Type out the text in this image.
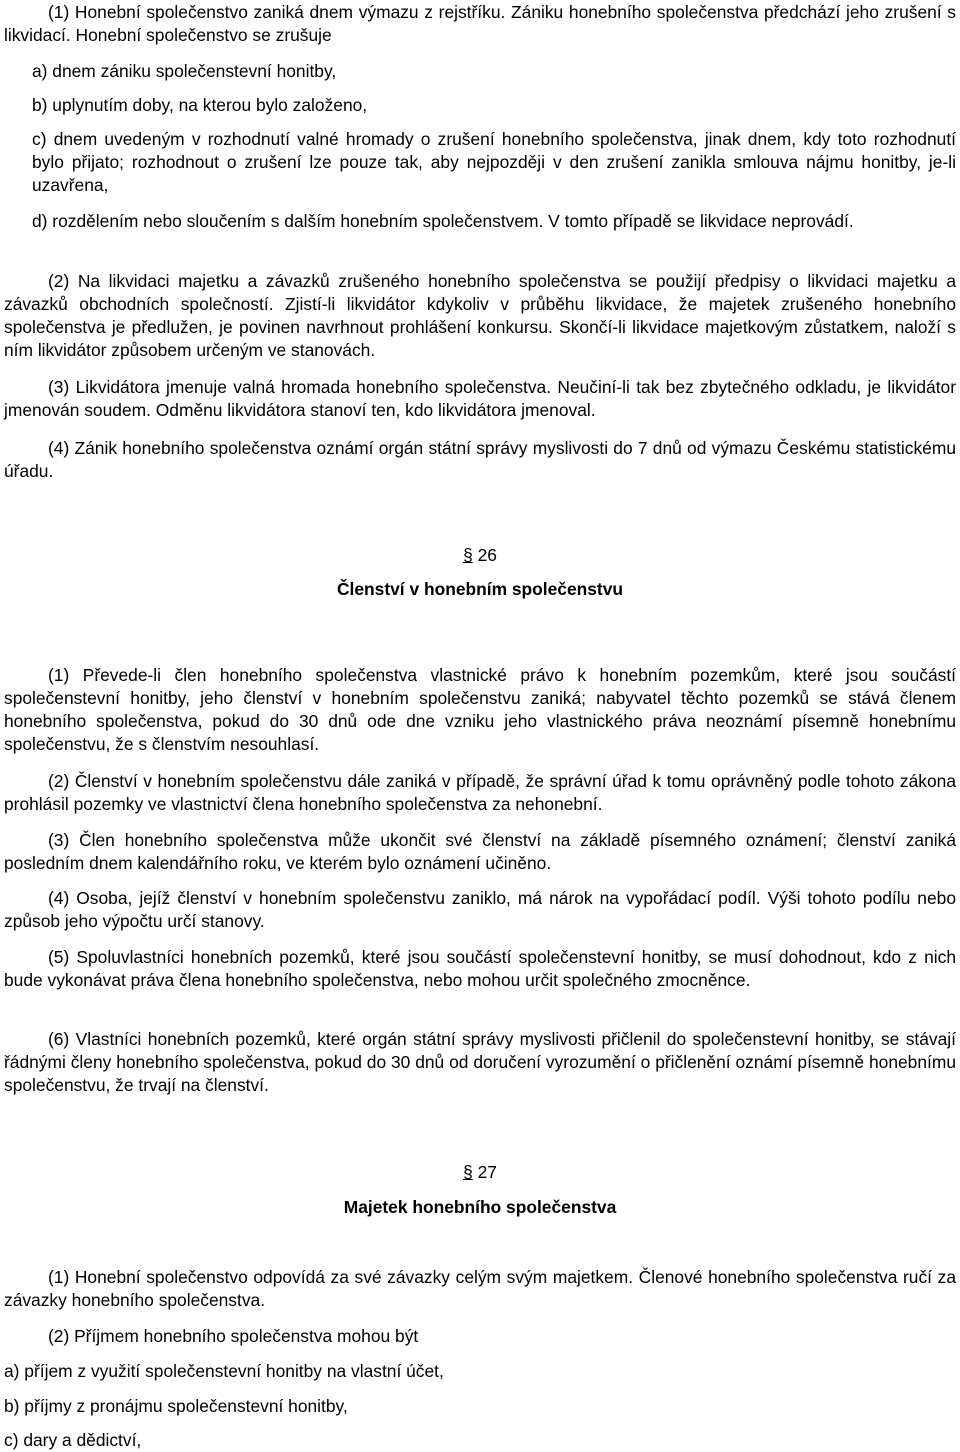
(1) Honební společenstvo zaniká dnem výmazu z rejstříku. Zániku honebního společenstva předchází jeho zrušení s likvidací. Honební společenstvo se zrušuje

a) dnem zániku společenstevní honitby,

b) uplynutím doby, na kterou bylo založeno,

c) dnem uvedeným v rozhodnutí valné hromady o zrušení honebního společenstva, jinak dnem, kdy toto rozhodnutí bylo přijato; rozhodnout o zrušení lze pouze tak, aby nejpozději v den zrušení zanikla smlouva nájmu honitby, je-li uzavřena,

d) rozdělením nebo sloučením s dalším honebním společenstvem. V tomto případě se likvidace neprovádí.

(2) Na likvidaci majetku a závazků zrušeného honebního společenstva se použijí předpisy o likvidaci majetku a závazků obchodních společností. Zjistí-li likvidátor kdykoliv v průběhu likvidace, že majetek zrušeného honebního společenstva je předlužen, je povinen navrhnout prohlášení konkursu. Skončí-li likvidace majetkovým zůstatkem, naloží s ním likvidátor způsobem určeným ve stanovách.

(3) Likvidátora jmenuje valná hromada honebního společenstva. Neučiní-li tak bez zbytečného odkladu, je likvidátor jmenován soudem. Odměnu likvidátora stanoví ten, kdo likvidátora jmenoval.

(4) Zánik honebního společenstva oznámí orgán státní správy myslivosti do 7 dnů od výmazu Českému statistickému úřadu.

§ 26
Členství v honebním společenstvu

(1) Převede-li člen honebního společenstva vlastnické právo k honebním pozemkům, které jsou součástí společenstevní honitby, jeho členství v honebním společenstvu zaniká; nabyvatel těchto pozemků se stává členem honebního společenstva, pokud do 30 dnů ode dne vzniku jeho vlastnického práva neoznámí písemně honebnímu společenstvu, že s členstvím nesouhlasí.

(2) Členství v honebním společenstvu dále zaniká v případě, že správní úřad k tomu oprávněný podle tohoto zákona prohlásil pozemky ve vlastnictví člena honebního společenstva za nehonební.

(3) Člen honebního společenstva může ukončit své členství na základě písemného oznámení; členství zaniká posledním dnem kalendářního roku, ve kterém bylo oznámení učiněno.

(4) Osoba, jejíž členství v honebním společenstvu zaniklo, má nárok na vypořádací podíl. Výši tohoto podílu nebo způsob jeho výpočtu určí stanovy.

(5) Spoluvlastníci honebních pozemků, které jsou součástí společenstevní honitby, se musí dohodnout, kdo z nich bude vykonávat práva člena honebního společenstva, nebo mohou určit společného zmocněnce.

(6) Vlastníci honebních pozemků, které orgán státní správy myslivosti přičlenil do společenstevní honitby, se stávají řádnými členy honebního společenstva, pokud do 30 dnů od doručení vyrozumění o přičlenění oznámí písemně honebnímu společenstvu, že trvají na členství.

§ 27
Majetek honebního společenstva

(1) Honební společenstvo odpovídá za své závazky celým svým majetkem. Členové honebního společenstva ručí za závazky honebního společenstva.

(2) Příjmem honebního společenstva mohou být

a) příjem z využití společenstevní honitby na vlastní účet,

b) příjmy z pronájmu společenstevní honitby,

c) dary a dědictví,
